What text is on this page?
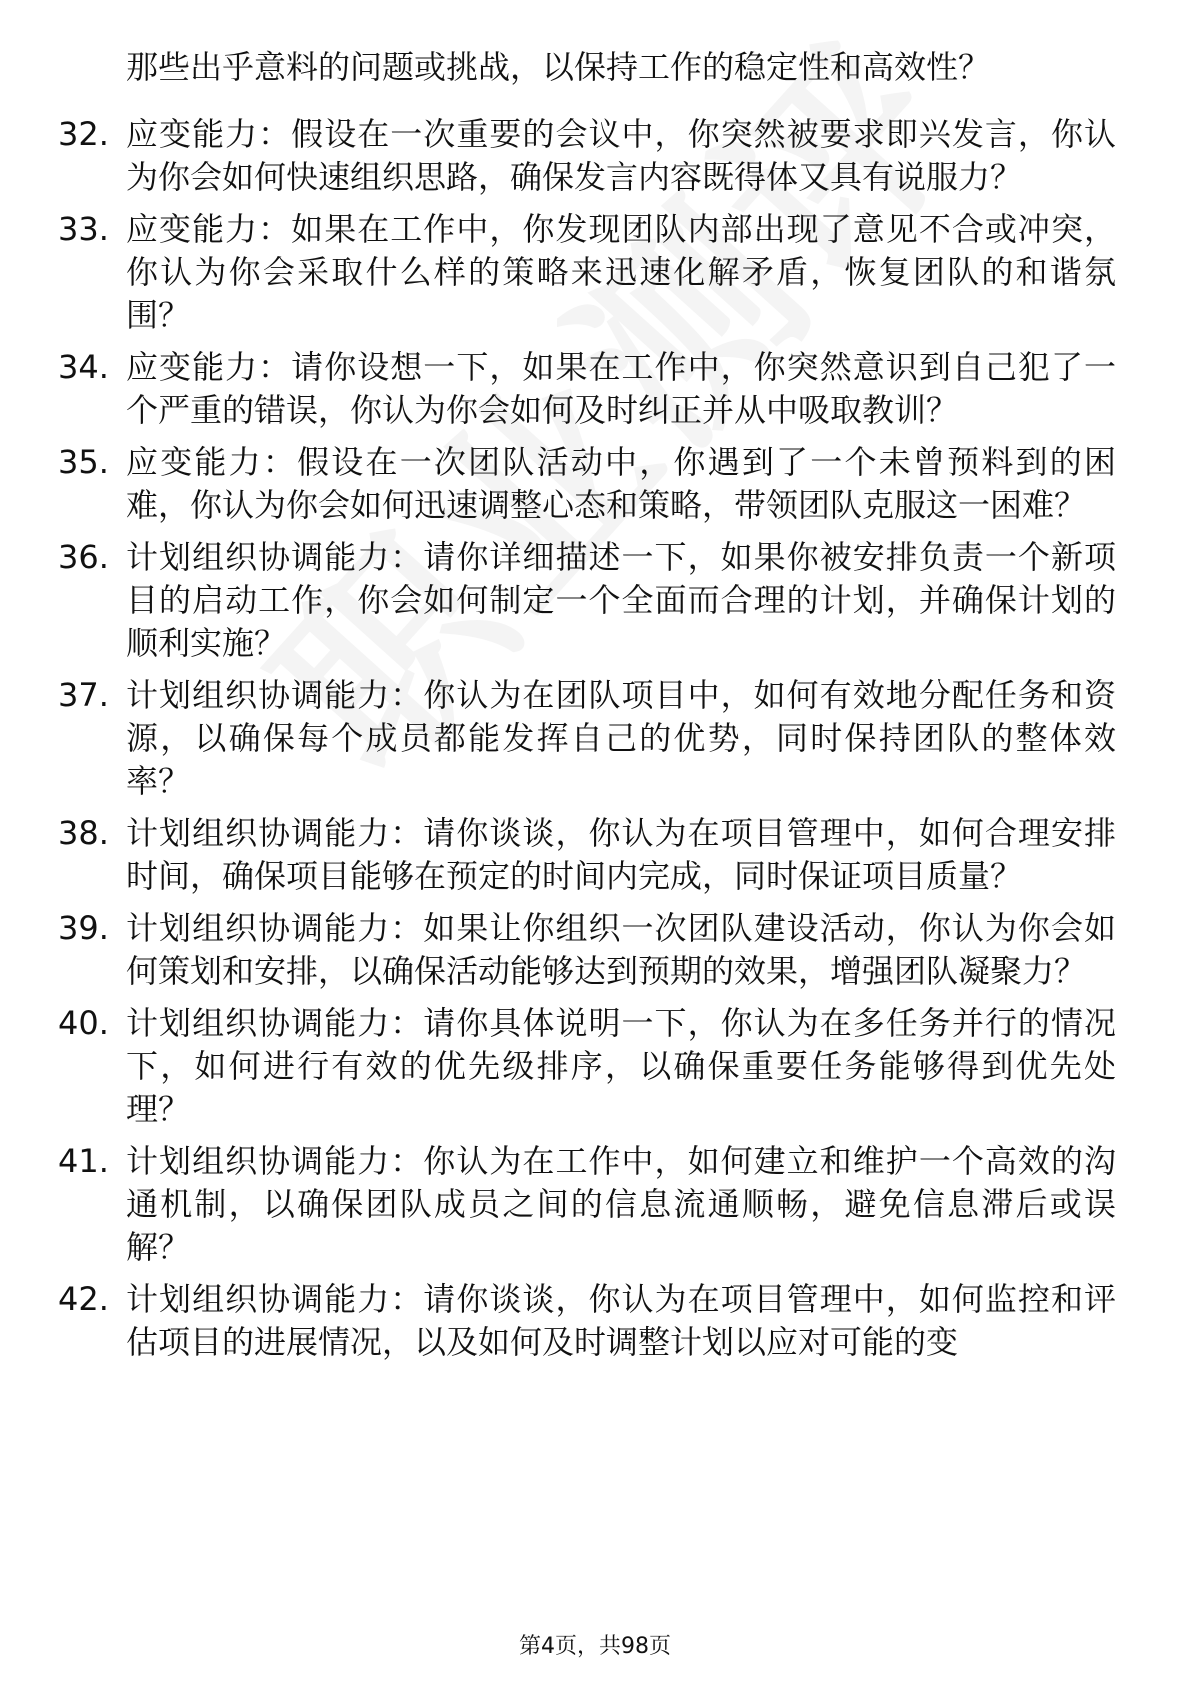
那些出乎意料的问题或挑战，以保持工作的稳定性和高效性？
32. 应变能力：假设在一次重要的会议中，你突然被要求即兴发言，你认为你会如何快速组织思路，确保发言内容既得体又具有说服力？
33. 应变能力：如果在工作中，你发现团队内部出现了意见不合或冲突，你认为你会采取什么样的策略来迅速化解矛盾，恢复团队的和谐氛围？
34. 应变能力：请你设想一下，如果在工作中，你突然意识到自己犯了一个严重的错误，你认为你会如何及时纠正并从中吸取教训？
35. 应变能力：假设在一次团队活动中，你遇到了一个未曾预料到的困难，你认为你会如何迅速调整心态和策略，带领团队克服这一困难？
36. 计划组织协调能力：请你详细描述一下，如果你被安排负责一个新项目的启动工作，你会如何制定一个全面而合理的计划，并确保计划的顺利实施？
37. 计划组织协调能力：你认为在团队项目中，如何有效地分配任务和资源，以确保每个成员都能发挥自己的优势，同时保持团队的整体效率？
38. 计划组织协调能力：请你谈谈，你认为在项目管理中，如何合理安排时间，确保项目能够在预定的时间内完成，同时保证项目质量？
39. 计划组织协调能力：如果让你组织一次团队建设活动，你认为你会如何策划和安排，以确保活动能够达到预期的效果，增强团队凝聚力？
40. 计划组织协调能力：请你具体说明一下，你认为在多任务并行的情况下，如何进行有效的优先级排序，以确保重要任务能够得到优先处理？
41. 计划组织协调能力：你认为在工作中，如何建立和维护一个高效的沟通机制，以确保团队成员之间的信息流通顺畅，避免信息滞后或误解？
42. 计划组织协调能力：请你谈谈，你认为在项目管理中，如何监控和评估项目的进展情况，以及如何及时调整计划以应对可能的变
第4页，共98页
